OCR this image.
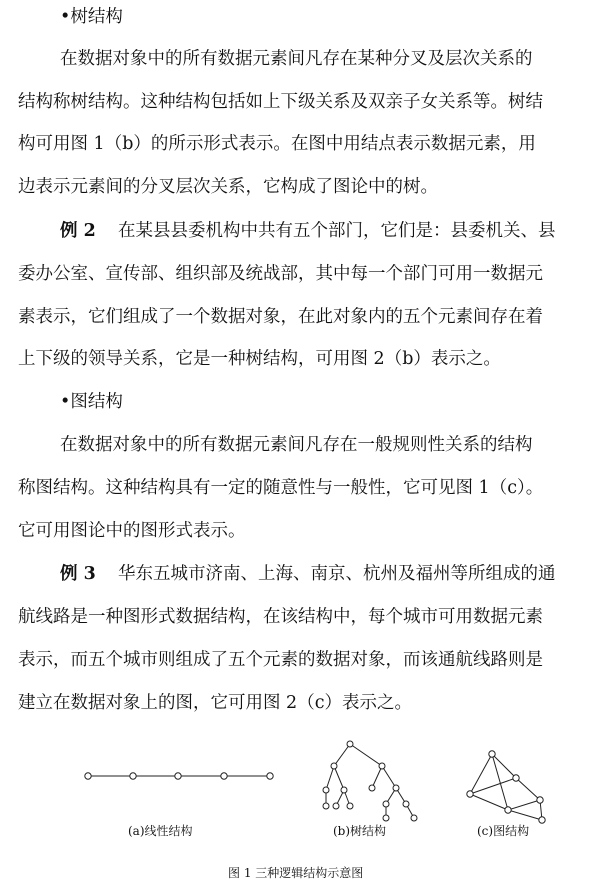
•树结构
在数据对象中的所有数据元素间凡存在某种分叉及层次关系的
结构称树结构。这种结构包括如上下级关系及双亲子女关系等。树结
构可用图 1（b）的所示形式表示。在图中用结点表示数据元素，用
边表示元素间的分叉层次关系，它构成了图论中的树。
例 2 在某县县委机构中共有五个部门，它们是：县委机关、县
委办公室、宣传部、组织部及统战部，其中每一个部门可用一数据元
素表示，它们组成了一个数据对象，在此对象内的五个元素间存在着
上下级的领导关系，它是一种树结构，可用图 2（b）表示之。
•图结构
在数据对象中的所有数据元素间凡存在一般规则性关系的结构
称图结构。这种结构具有一定的随意性与一般性，它可见图 1（c）。
它可用图论中的图形式表示。
例 3 华东五城市济南、上海、南京、杭州及福州等所组成的通
航线路是一种图形式数据结构，在该结构中，每个城市可用数据元素
表示，而五个城市则组成了五个元素的数据对象，而该通航线路则是
建立在数据对象上的图，它可用图 2（c）表示之。
(a)线性结构	(b)树结构	(c)图结构
图 1 三种逻辑结构示意图
